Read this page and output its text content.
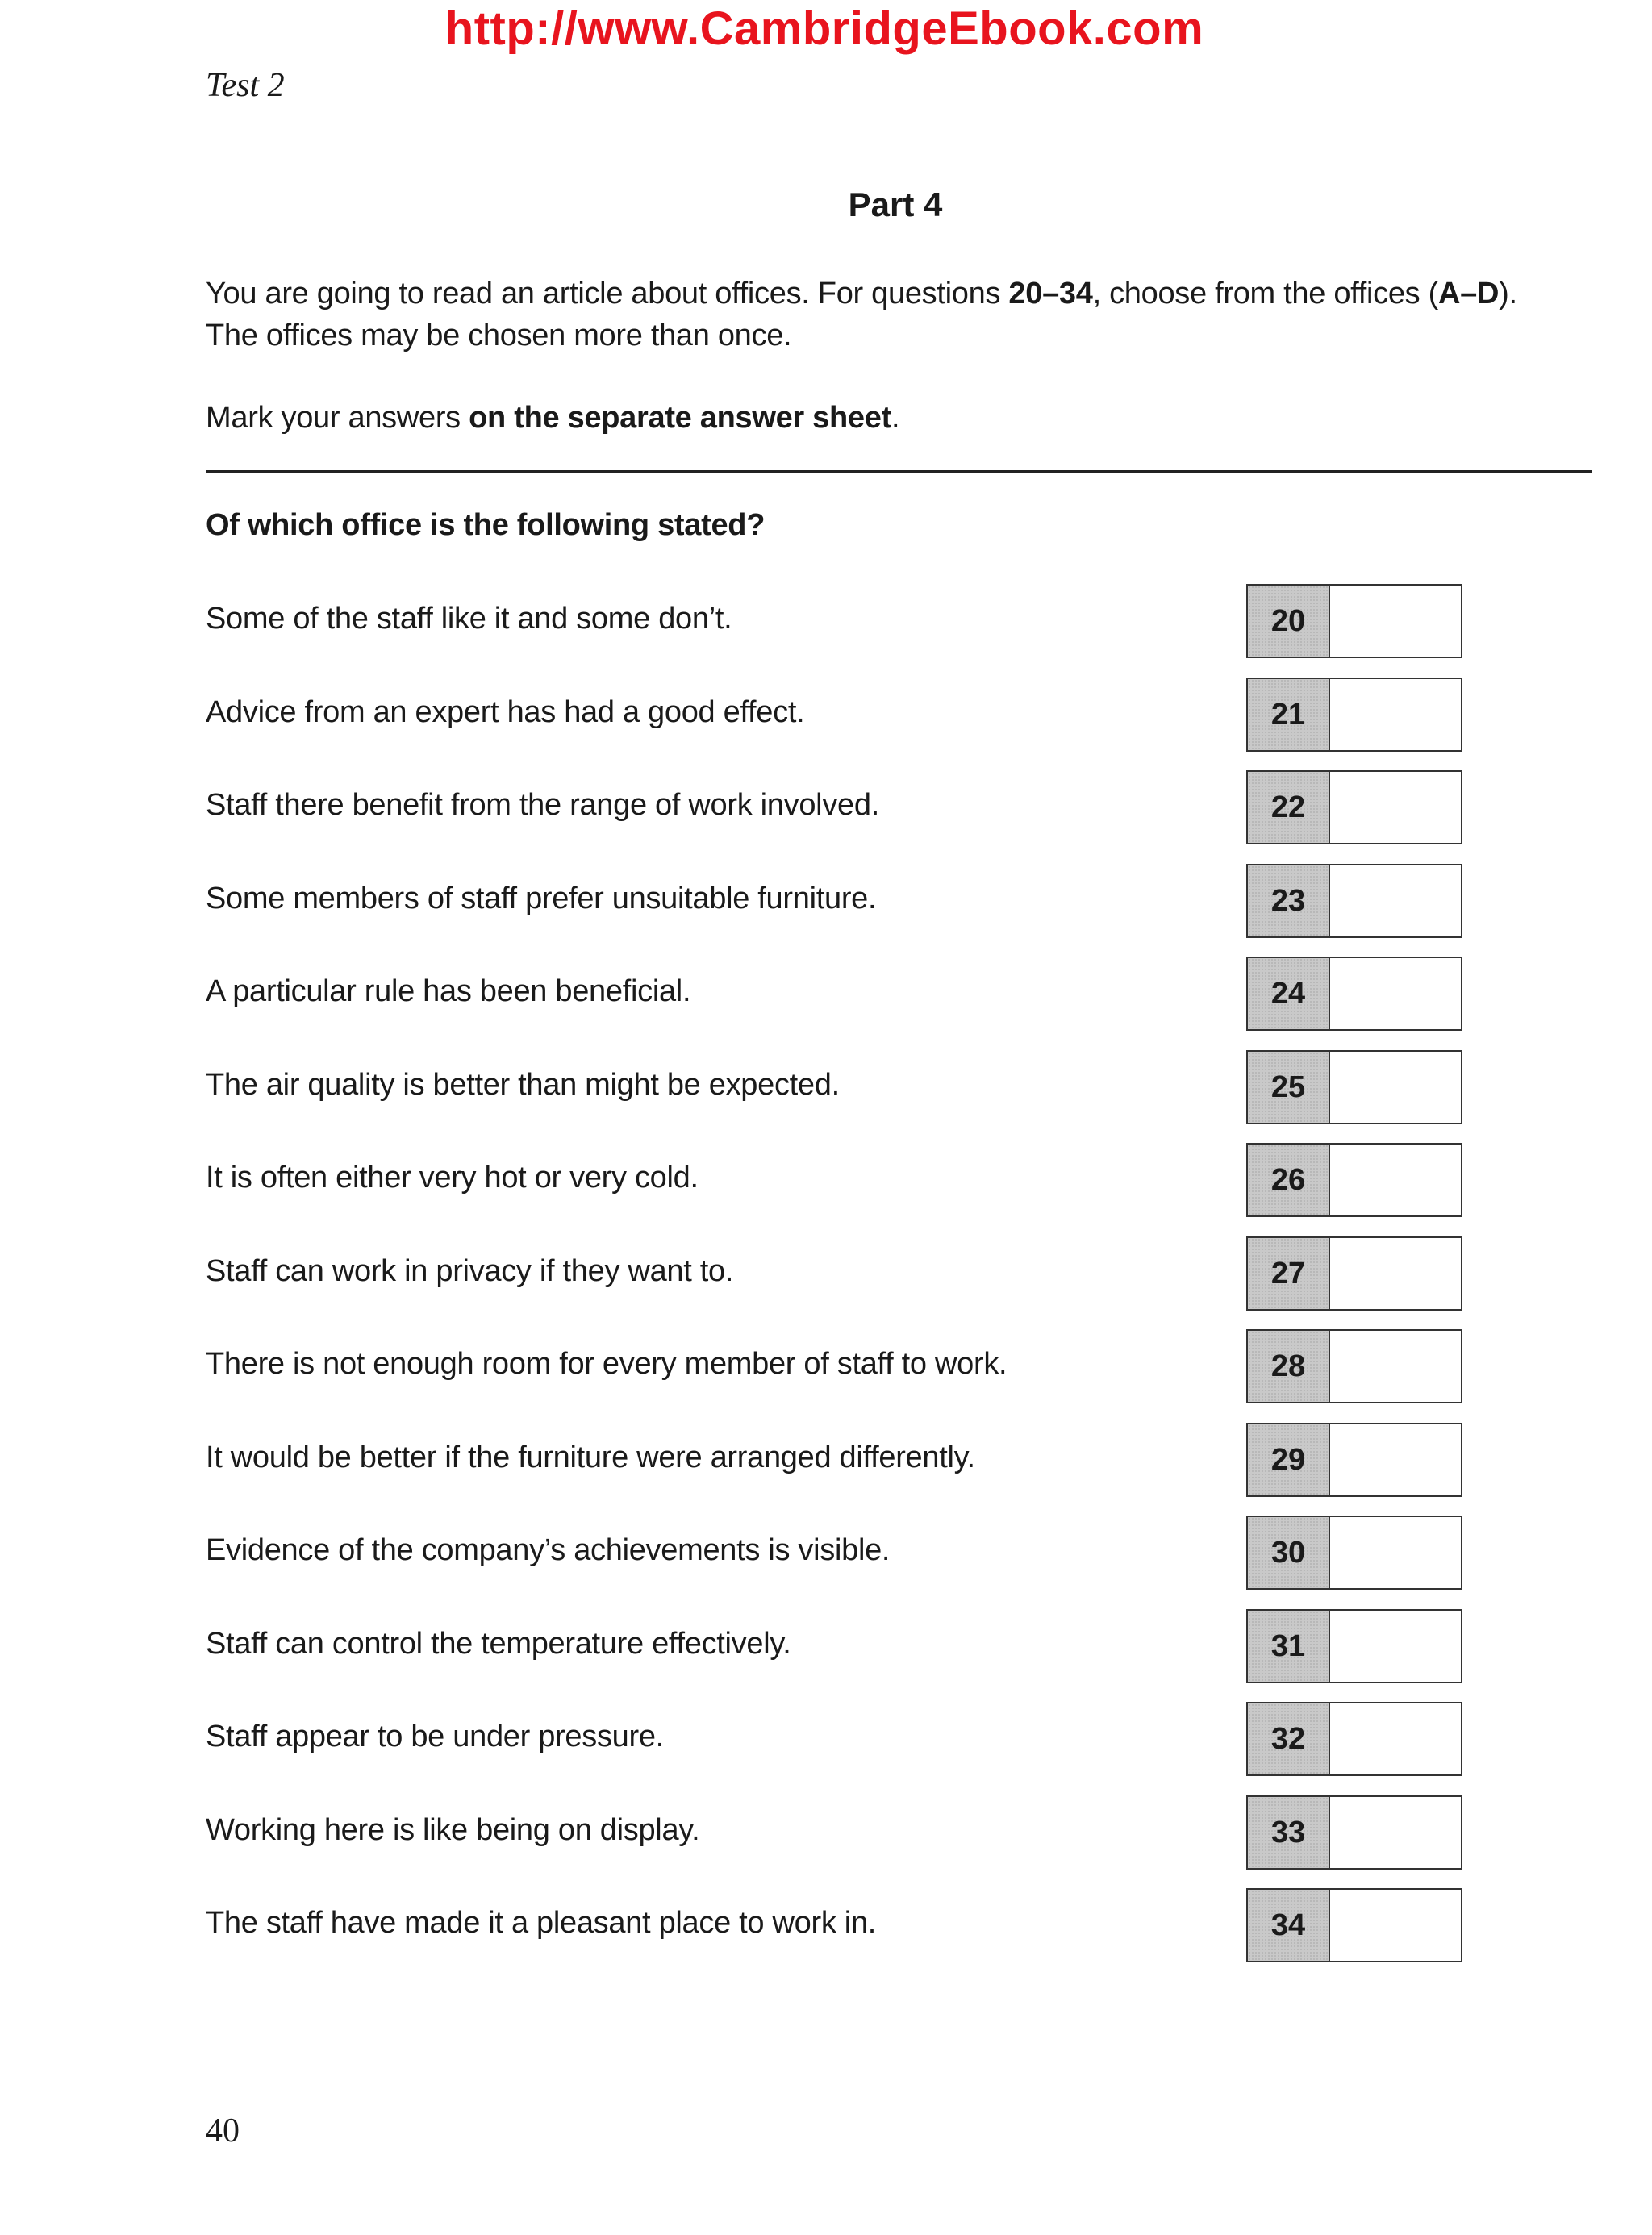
http://www.CambridgeEbook.com
Test 2
Part 4

You are going to read an article about offices. For questions 20–34, choose from the offices (A–D).

The offices may be chosen more than once.

Mark your answers on the separate answer sheet.

Of which office is the following stated?
Some of the staff like it and some don’t.	20
Advice from an expert has had a good effect.	21
Staff there benefit from the range of work involved.	22
Some members of staff prefer unsuitable furniture.	23
A particular rule has been beneficial.	24
The air quality is better than might be expected.	25
It is often either very hot or very cold.	26
Staff can work in privacy if they want to.	27
There is not enough room for every member of staff to work.	28
It would be better if the furniture were arranged differently.	29
Evidence of the company’s achievements is visible.	30
Staff can control the temperature effectively.	31
Staff appear to be under pressure.	32
Working here is like being on display.	33
The staff have made it a pleasant place to work in.	34
40
